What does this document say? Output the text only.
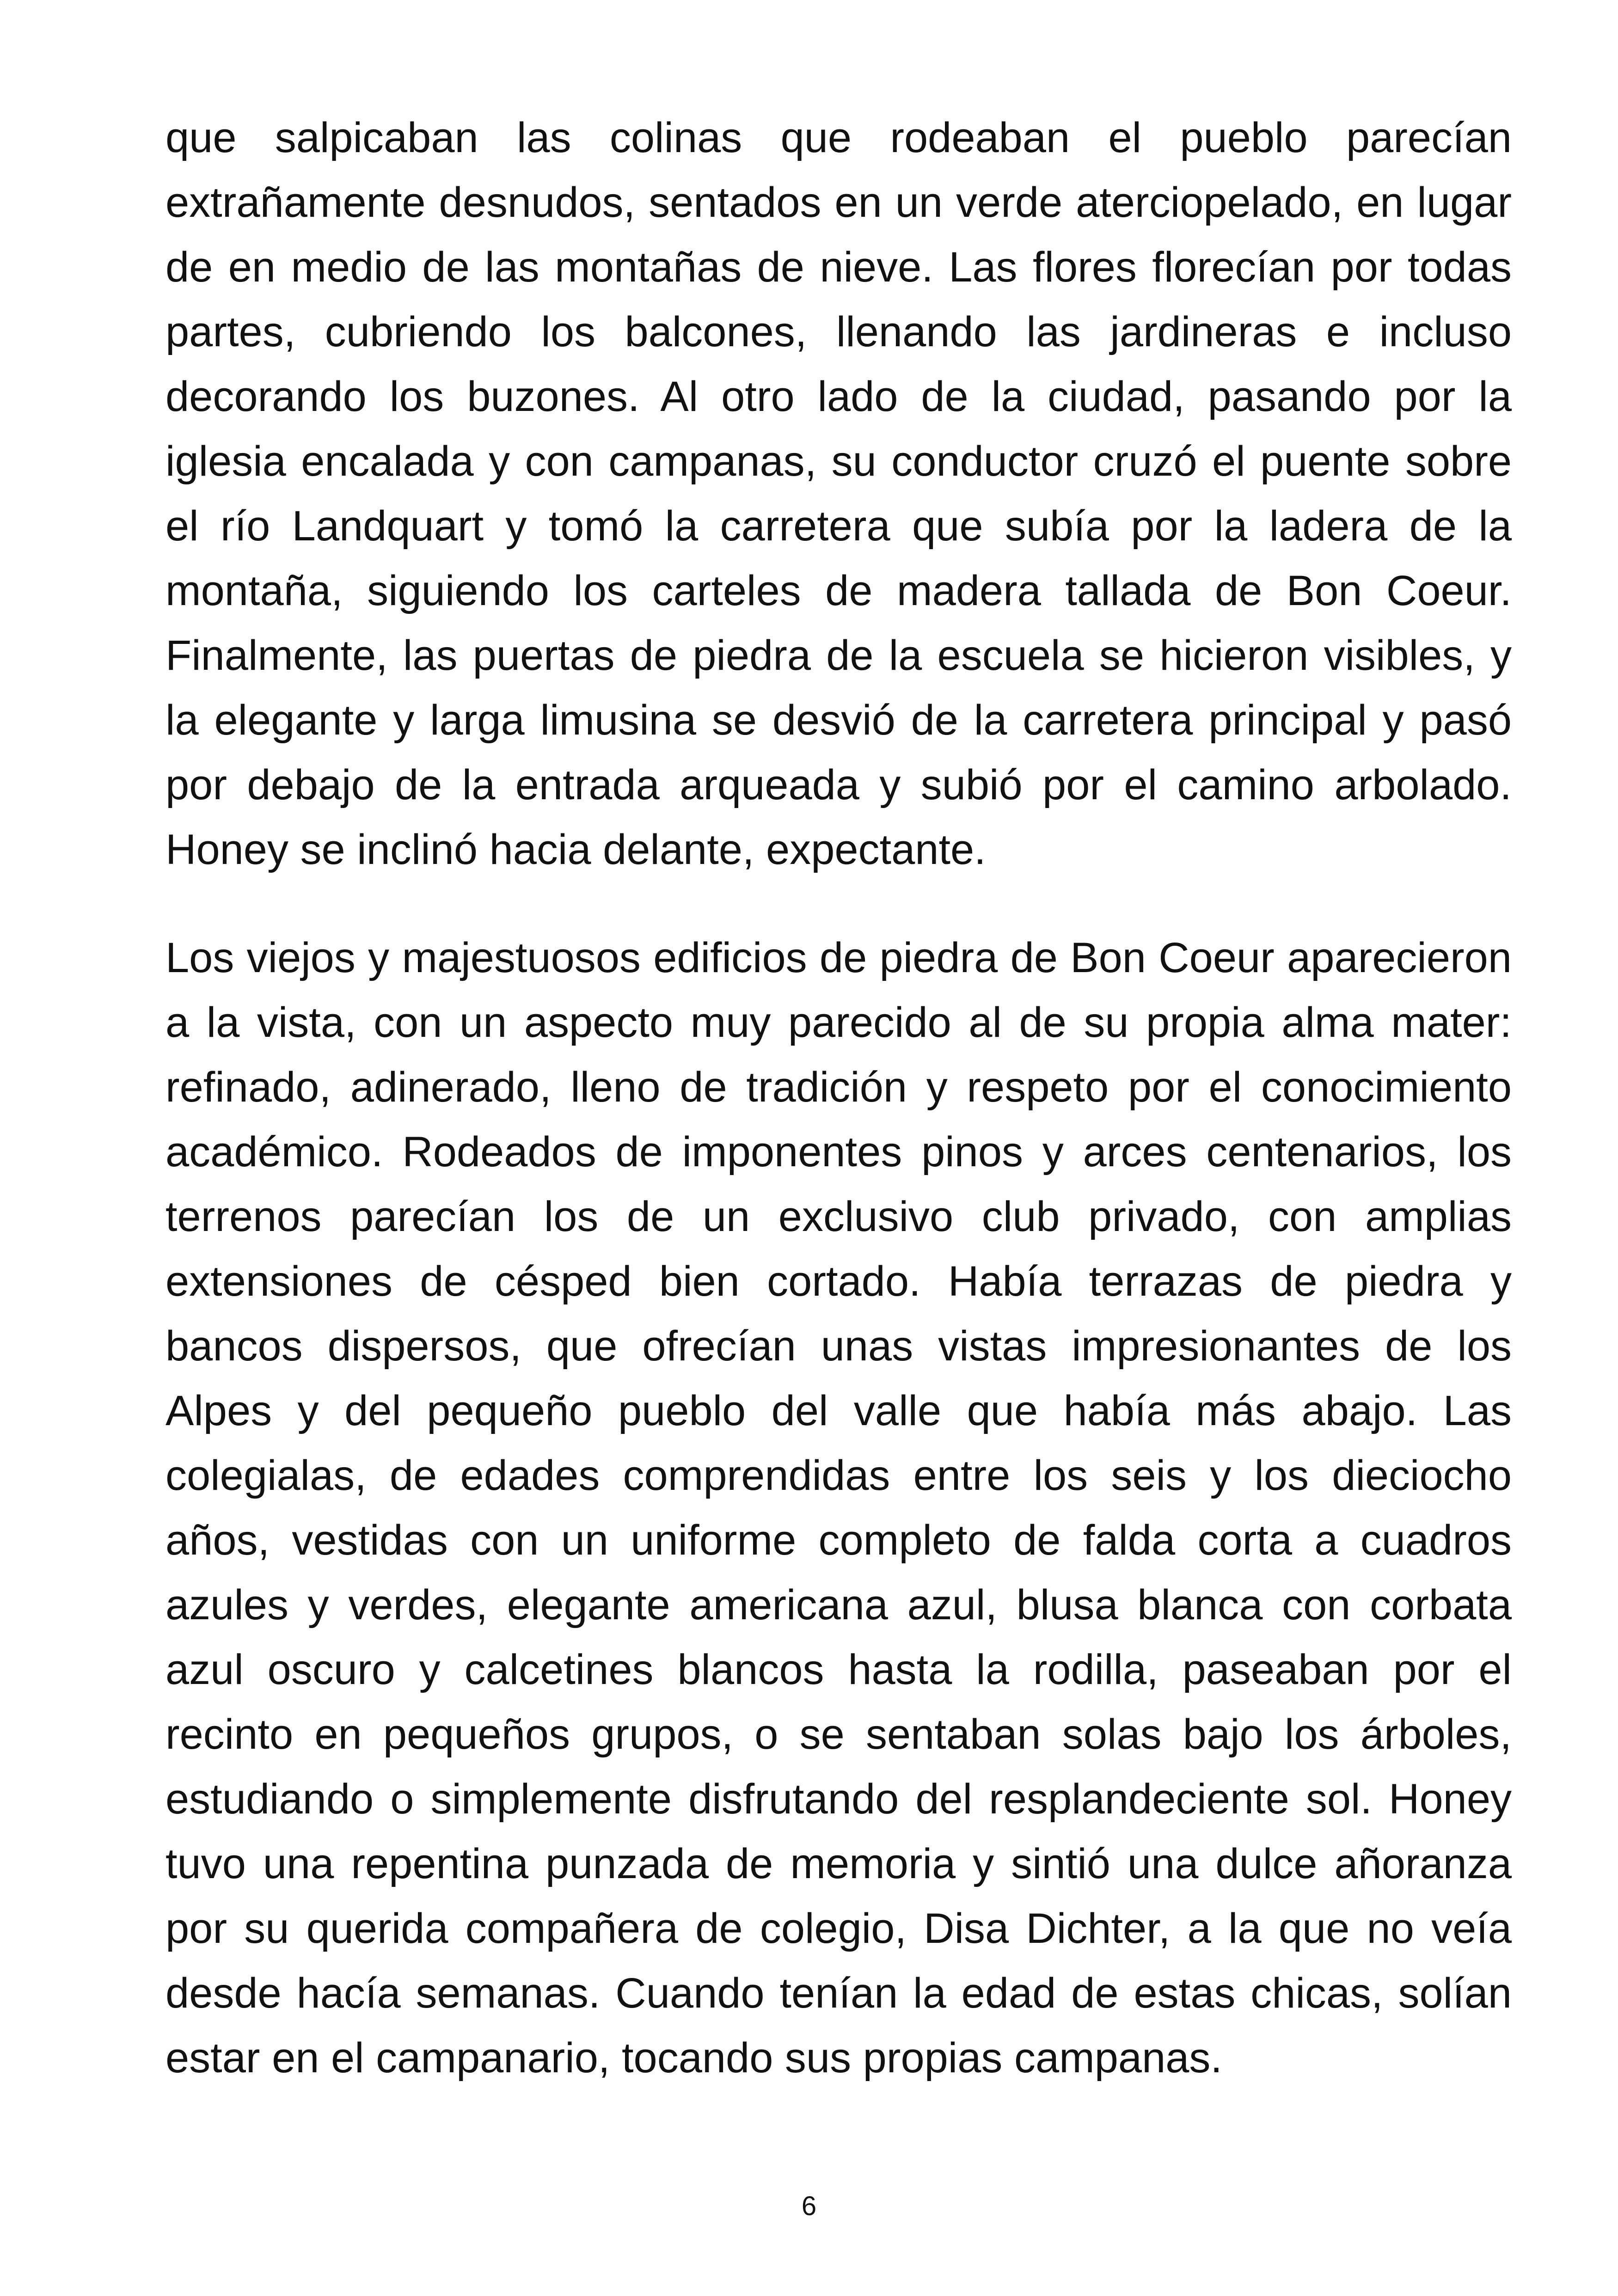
que salpicaban las colinas que rodeaban el pueblo parecían extrañamente desnudos, sentados en un verde aterciopelado, en lugar de en medio de las montañas de nieve. Las flores florecían por todas partes, cubriendo los balcones, llenando las jardineras e incluso decorando los buzones. Al otro lado de la ciudad, pasando por la iglesia encalada y con campanas, su conductor cruzó el puente sobre el río Landquart y tomó la carretera que subía por la ladera de la montaña, siguiendo los carteles de madera tallada de Bon Coeur. Finalmente, las puertas de piedra de la escuela se hicieron visibles, y la elegante y larga limusina se desvió de la carretera principal y pasó por debajo de la entrada arqueada y subió por el camino arbolado. Honey se inclinó hacia delante, expectante.

Los viejos y majestuosos edificios de piedra de Bon Coeur aparecieron a la vista, con un aspecto muy parecido al de su propia alma mater: refinado, adinerado, lleno de tradición y respeto por el conocimiento académico. Rodeados de imponentes pinos y arces centenarios, los terrenos parecían los de un exclusivo club privado, con amplias extensiones de césped bien cortado. Había terrazas de piedra y bancos dispersos, que ofrecían unas vistas impresionantes de los Alpes y del pequeño pueblo del valle que había más abajo. Las colegialas, de edades comprendidas entre los seis y los dieciocho años, vestidas con un uniforme completo de falda corta a cuadros azules y verdes, elegante americana azul, blusa blanca con corbata azul oscuro y calcetines blancos hasta la rodilla, paseaban por el recinto en pequeños grupos, o se sentaban solas bajo los árboles, estudiando o simplemente disfrutando del resplandeciente sol. Honey tuvo una repentina punzada de memoria y sintió una dulce añoranza por su querida compañera de colegio, Disa Dichter, a la que no veía desde hacía semanas. Cuando tenían la edad de estas chicas, solían estar en el campanario, tocando sus propias campanas.

6
